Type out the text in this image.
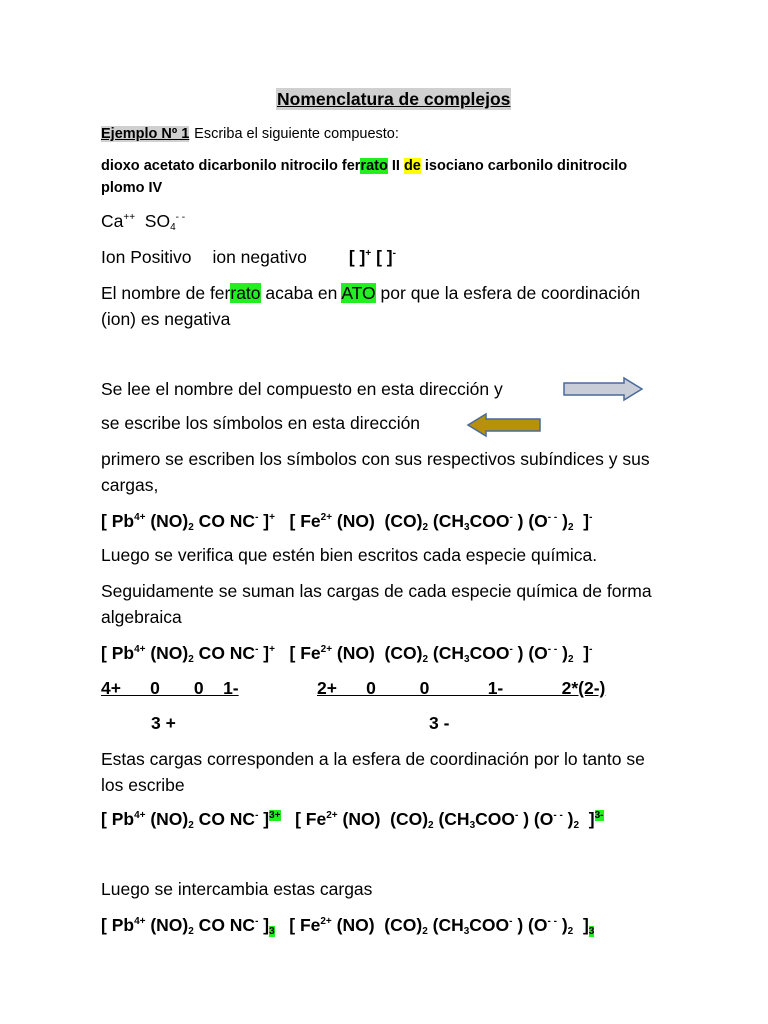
Nomenclatura de complejos
Ejemplo Nº 1 Escriba el siguiente compuesto:
dioxo acetato dicarbonilo nitrocilo ferrato II de isociano carbonilo dinitrocilo
plomo IV
Ca++ $SO_4^{- -}$
Ion Positivo ion negativo [ ]+ [ ]-
El nombre de ferrato acaba en ATO por que la esfera de coordinación
(ion) es negativa
Se lee el nombre del compuesto en esta dirección y
se escribe los símbolos en esta dirección
primero se escriben los símbolos con sus respectivos subíndices y sus
cargas,
[ $Pb^{4+}$ $(NO)_2$ CO NC- ]+   [ $Fe^{2+}$ (NO)  $(CO)_2$ ($CH_3COO^-$ ) (O- - )$_2$  ]-
Luego se verifica que estén bien escritos cada especie química.
Seguidamente se suman las cargas de cada especie química de forma
algebraica
[ $Pb^{4+}$ $(NO)_2$ CO NC- ]+   [ $Fe^{2+}$ (NO)  $(CO)_2$ ($CH_3COO^-$ ) (O- - )$_2$  ]-
4+      0       0    1-	2+      0         0            1-            2*(2-)
3 +	3 -
Estas cargas corresponden a la esfera de coordinación por lo tanto se
los escribe
[ $Pb^{4+}$ $(NO)_2$ CO NC- ]$^{3+}$   [ $Fe^{2+}$ (NO)  $(CO)_2$ ($CH_3COO^-$ ) (O- - )$_2$  ]$^{3-}$
Luego se intercambia estas cargas
[ $Pb^{4+}$ $(NO)_2$ CO NC- ]$_3$   [ $Fe^{2+}$ (NO)  $(CO)_2$ ($CH_3COO^-$ ) (O- - )$_2$  ]$_3$
